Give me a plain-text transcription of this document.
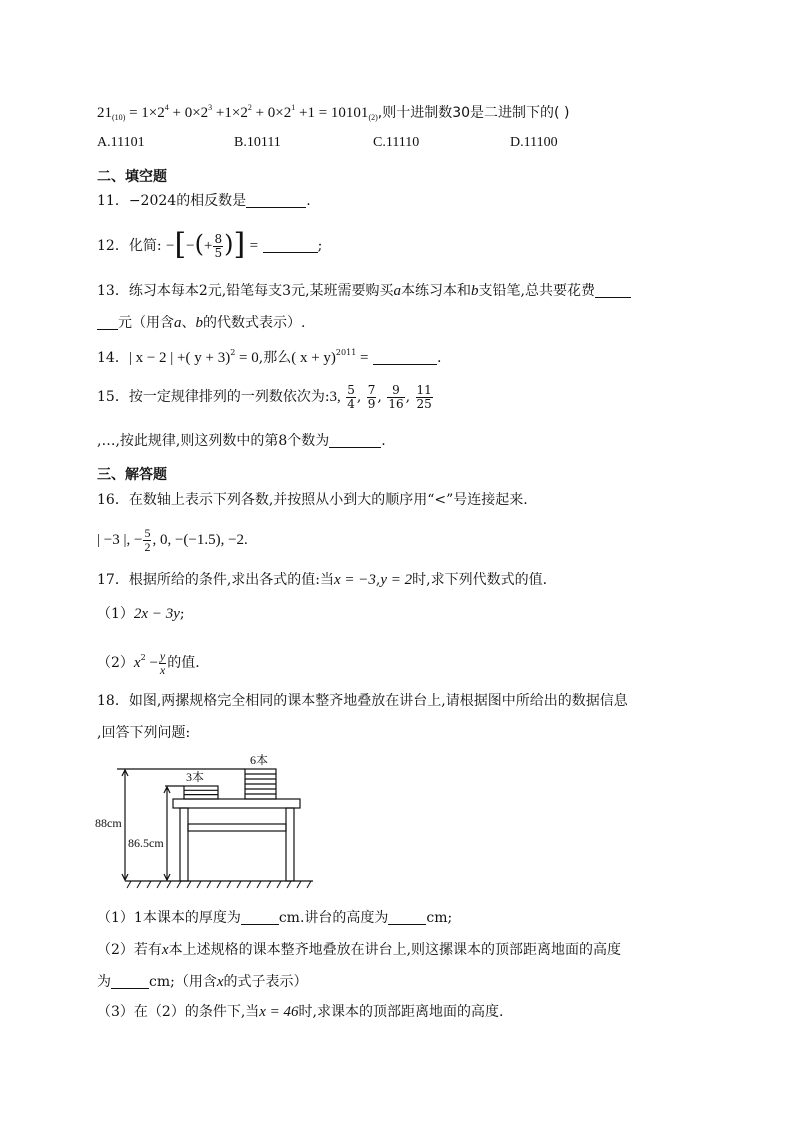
$21_{(10)} = 1\times 2^4 + 0\times 2^3 +1\times 2^2 + 0\times 2^1 +1 = 10101_{(2)}$,则十进制数30是二进制下的( )
A.11101	B.10111	C.11110	D.11100
二、填空题
11．−2024的相反数是	.
12．化简: −[−(+ $\frac{8}{5}$ )] =	;
13．练习本每本2元,铅笔每支3元,某班需要购买a本练习本和b支铅笔,总共要花费
元（用含a、b的代数式表示）.
14．| x − 2 | +( y + 3)$^2$ = 0,那么( x + y)$^{2011}$ =	.
15．按一定规律排列的一列数依次为:3, $\frac{5}{4}$ , $\frac{7}{9}$ , $\frac{9}{16}$ , $\frac{11}{25}$
,…,按此规律,则这列数中的第8个数为	.
三、解答题
16．在数轴上表示下列各数,并按照从小到大的顺序用“<”号连接起来.
| −3 |, − $\frac{5}{2}$ , 0, −(−1.5), −2.
17．根据所给的条件,求出各式的值:当x = −3,y = 2时,求下列代数式的值.
（1）2x − 3y;
$(2)x^2 - \frac{y}{x}$ 的值.
18．如图,两摞规格完全相同的课本整齐地叠放在讲台上,请根据图中所给出的数据信息
,回答下列问题:
6本
3本
88cm
86.5cm
（1）1本课本的厚度为	cm.讲台的高度为	cm;
（2）若有x本上述规格的课本整齐地叠放在讲台上,则这摞课本的顶部距离地面的高度
为	cm;（用含x的式子表示）
（3）在（2）的条件下,当x = 46时,求课本的顶部距离地面的高度.
